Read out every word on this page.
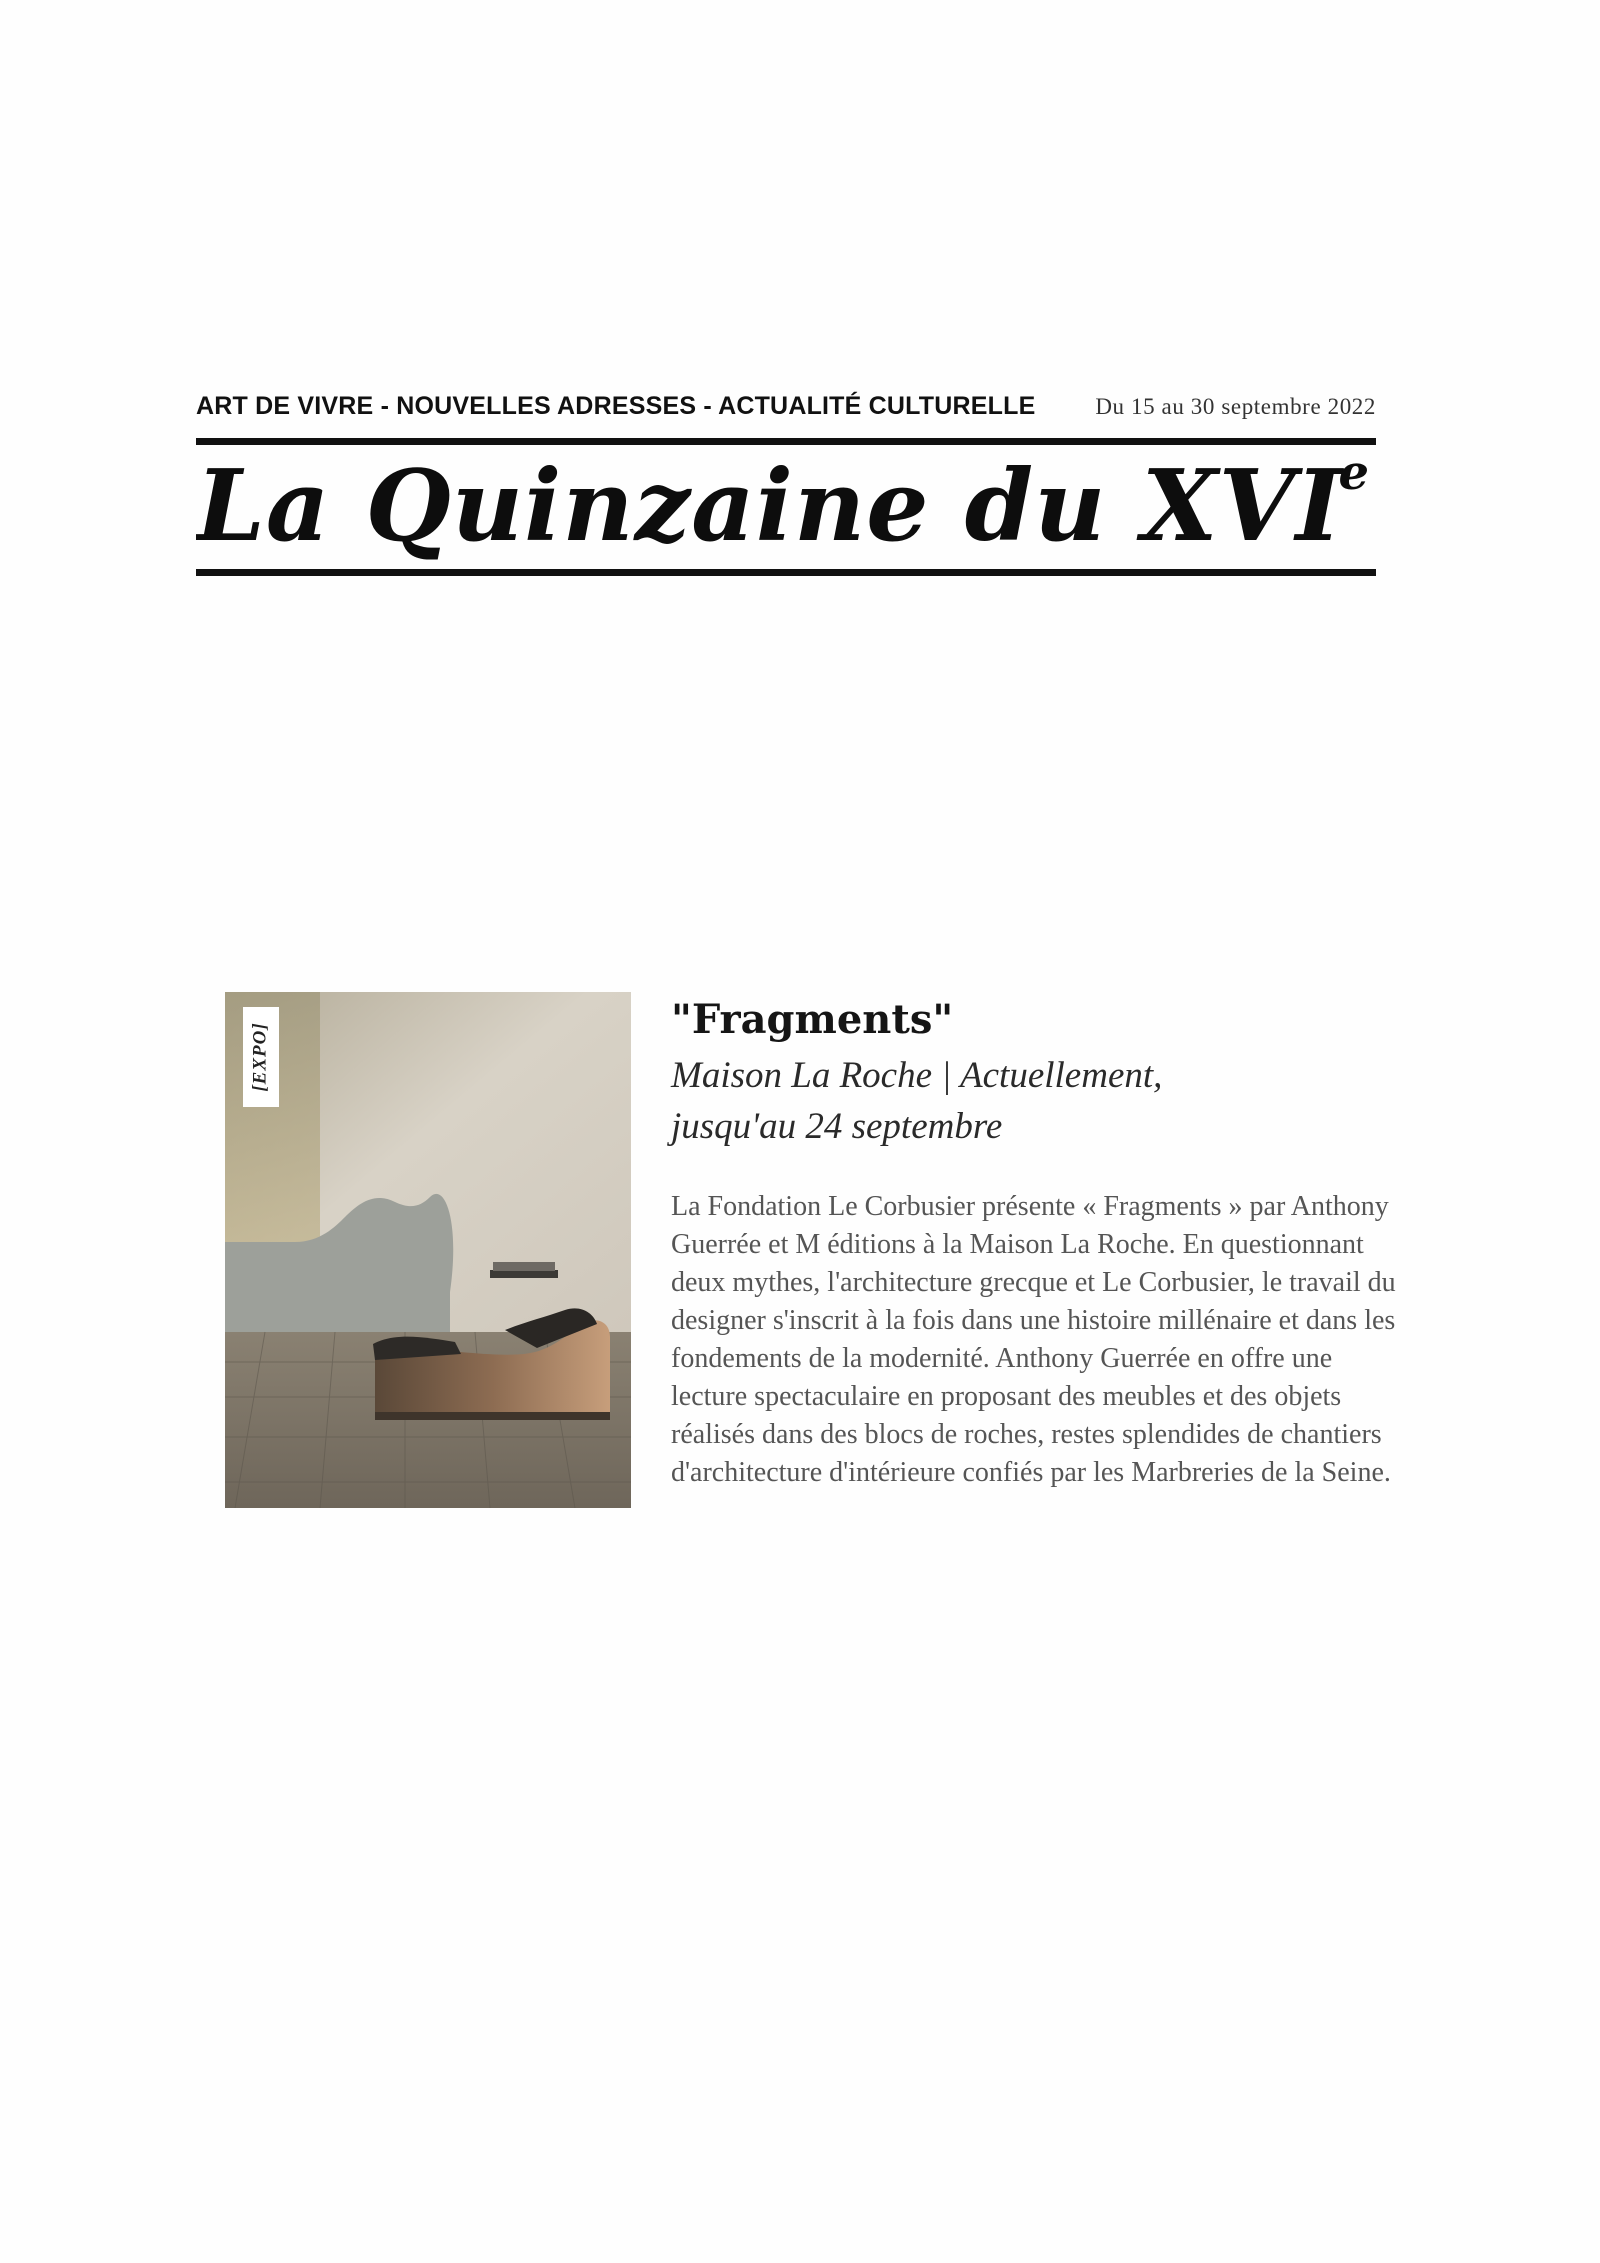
ART DE VIVRE - NOUVELLES ADRESSES - ACTUALITÉ CULTURELLE	Du 15 au 30 septembre 2022
La Quinzaine du XVI
$^e$
[EXPO]
"Fragments"

Maison La Roche | Actuellement,
jusqu'au 24 septembre

La Fondation Le Corbusier présente « Fragments » par Anthony Guerrée et M éditions à la Maison La Roche. En questionnant deux mythes, l'architecture grecque et Le Corbusier, le travail du designer s'inscrit à la fois dans une histoire millénaire et dans les fondements de la modernité. Anthony Guerrée en offre une lecture spectaculaire en proposant des meubles et des objets réalisés dans des blocs de roches, restes splendides de chantiers d'architecture d'intérieure confiés par les Marbreries de la Seine.
